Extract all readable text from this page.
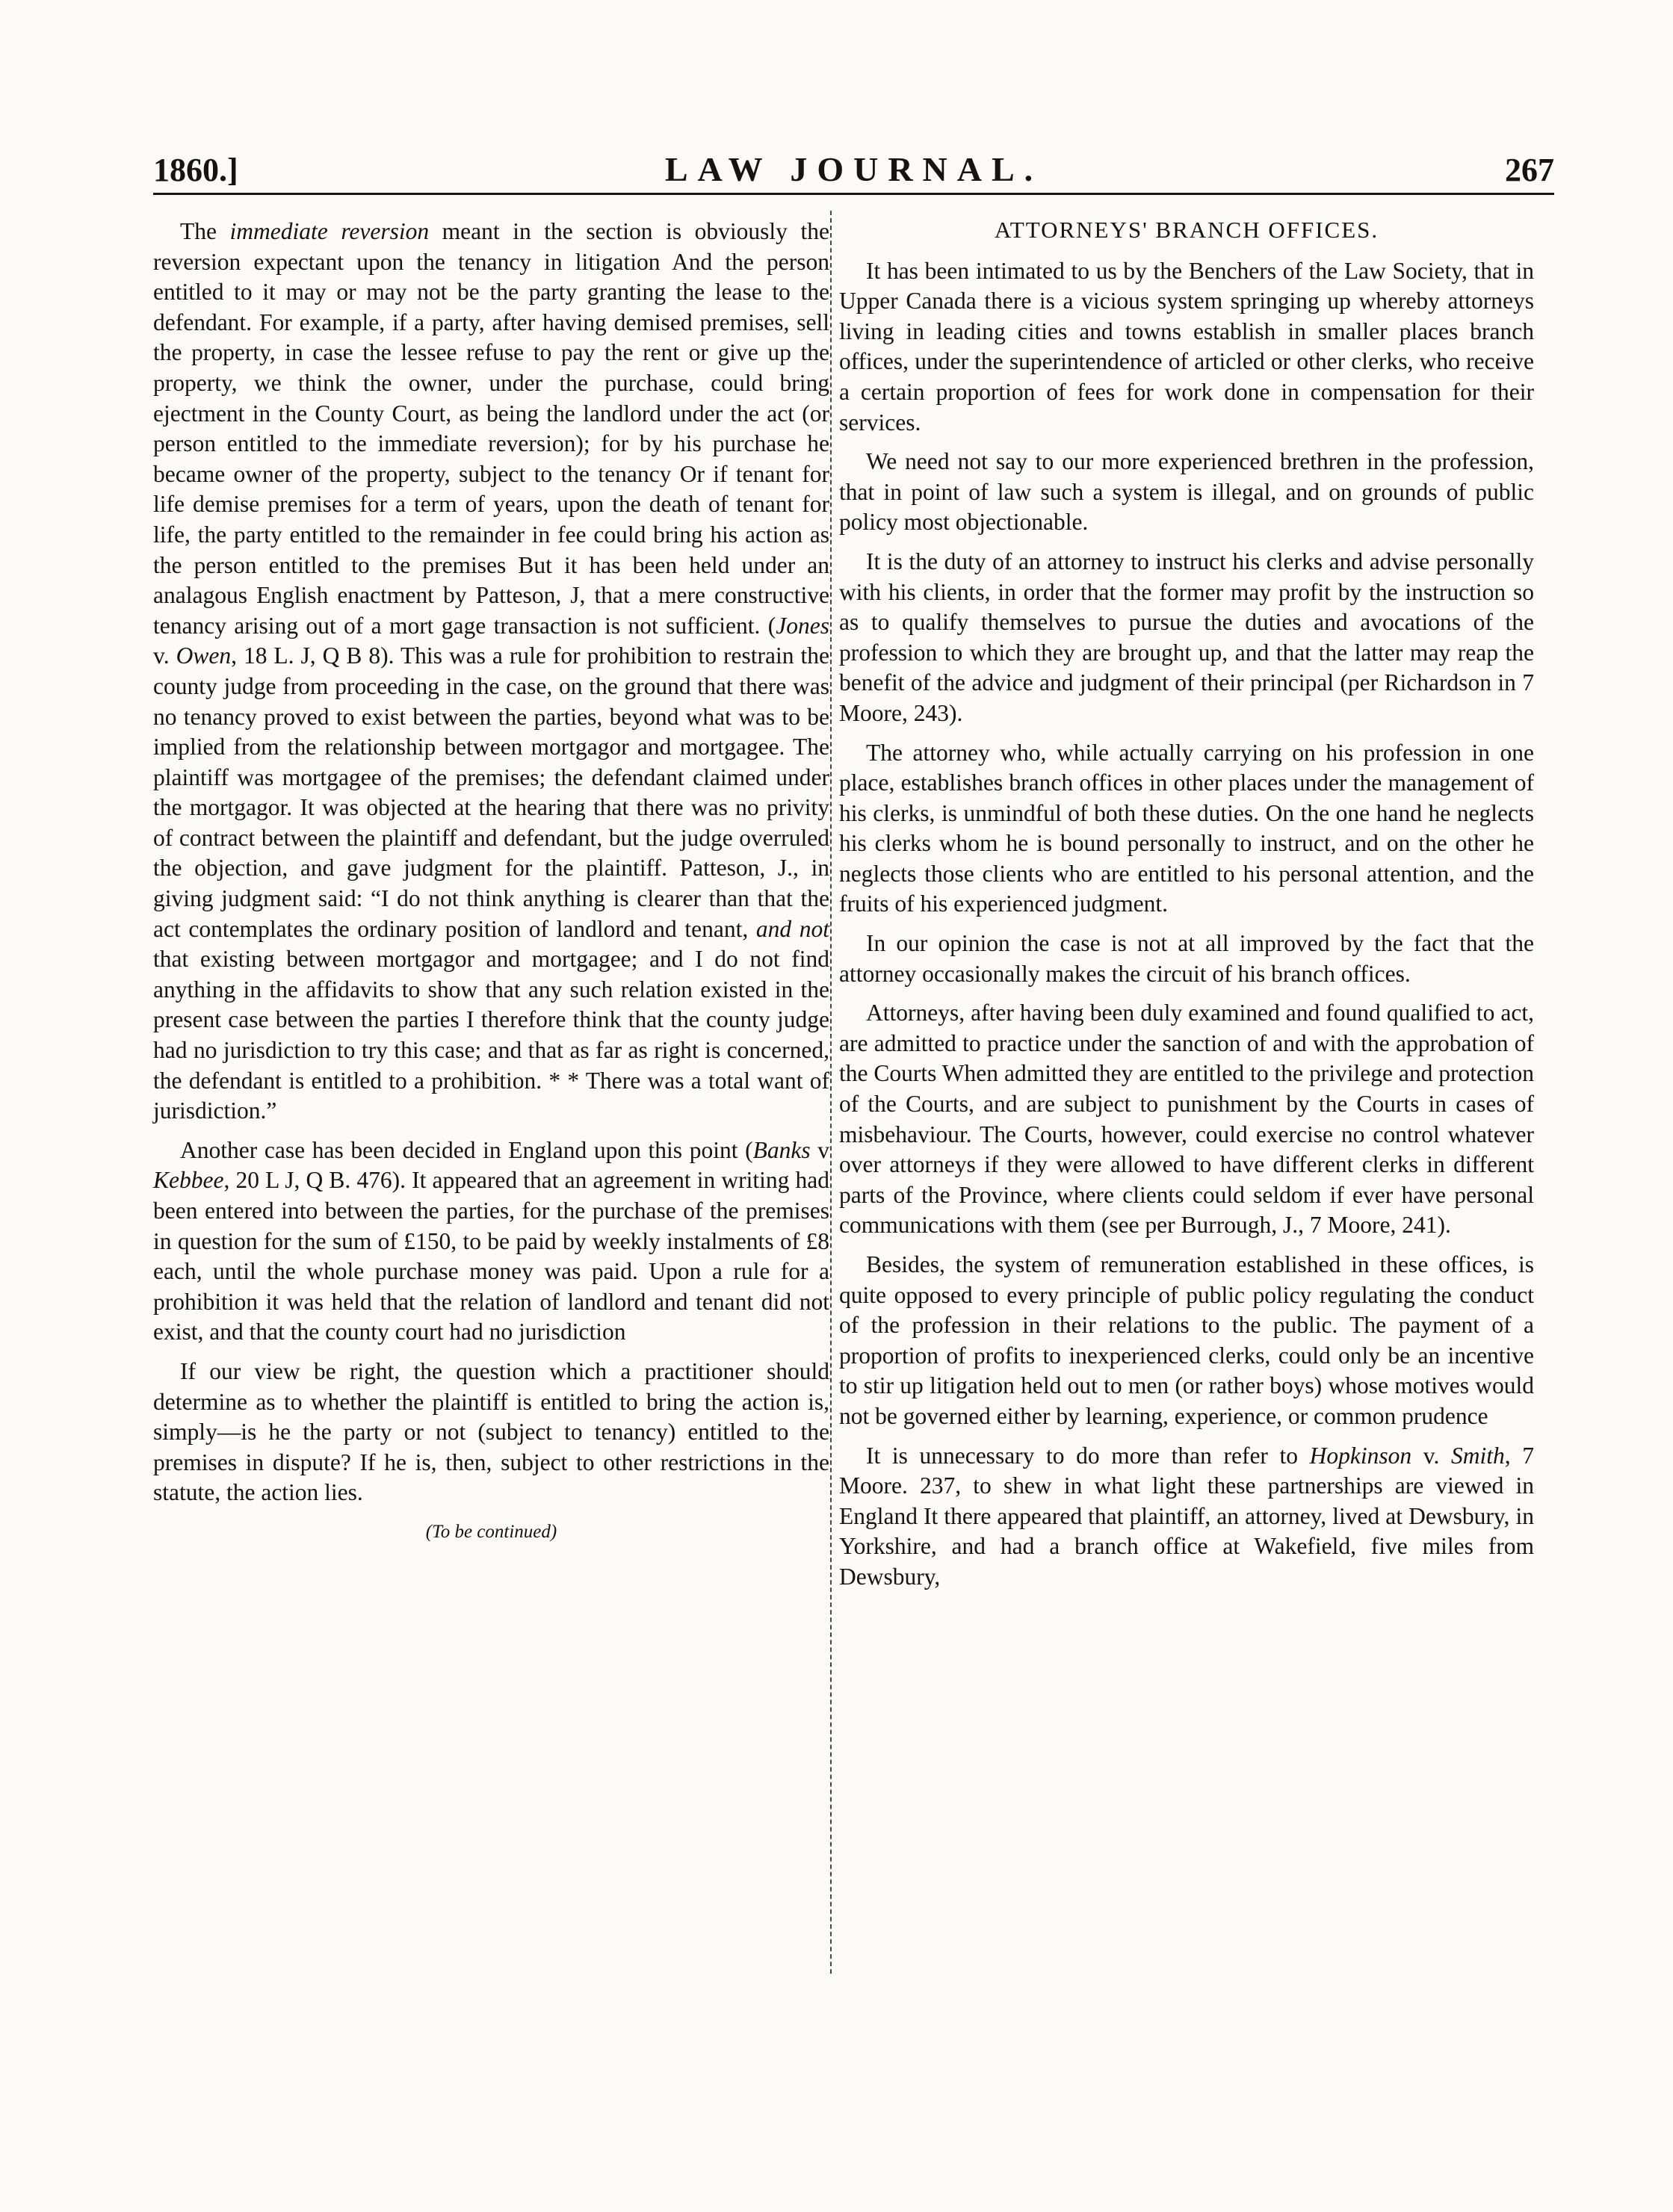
1860.]	LAW JOURNAL.	267

The immediate reversion meant in the section is obviously the reversion expectant upon the tenancy in litigation And the person entitled to it may or may not be the party granting the lease to the defendant. For example, if a party, after having demised premises, sell the property, in case the lessee refuse to pay the rent or give up the property, we think the owner, under the purchase, could bring ejectment in the County Court, as being the landlord under the act (or person entitled to the immediate reversion); for by his purchase he became owner of the property, subject to the tenancy Or if tenant for life demise premises for a term of years, upon the death of tenant for life, the party entitled to the remainder in fee could bring his action as the person entitled to the premises But it has been held under an analagous English enactment by Patteson, J, that a mere constructive tenancy arising out of a mort gage transaction is not sufficient. (Jones v. Owen, 18 L. J, Q B 8). This was a rule for prohibition to restrain the county judge from proceeding in the case, on the ground that there was no tenancy proved to exist between the parties, beyond what was to be implied from the relationship between mortgagor and mortgagee. The plaintiff was mortgagee of the premises; the defendant claimed under the mortgagor. It was objected at the hearing that there was no privity of contract between the plaintiff and defendant, but the judge overruled the objection, and gave judgment for the plaintiff. Patteson, J., in giving judgment said: “I do not think anything is clearer than that the act contemplates the ordinary position of landlord and tenant, and not that existing between mortgagor and mortgagee; and I do not find anything in the affidavits to show that any such relation existed in the present case between the parties I therefore think that the county judge had no jurisdiction to try this case; and that as far as right is concerned, the defendant is entitled to a prohibition. * * There was a total want of jurisdiction.”

Another case has been decided in England upon this point (Banks v Kebbee, 20 L J, Q B. 476). It appeared that an agreement in writing had been entered into between the parties, for the purchase of the premises in question for the sum of £150, to be paid by weekly instalments of £8 each, until the whole purchase money was paid. Upon a rule for a prohibition it was held that the relation of landlord and tenant did not exist, and that the county court had no jurisdiction

If our view be right, the question which a practitioner should determine as to whether the plaintiff is entitled to bring the action is, simply—is he the party or not (subject to tenancy) entitled to the premises in dispute? If he is, then, subject to other restrictions in the statute, the action lies.

(To be continued)
ATTORNEYS' BRANCH OFFICES.

It has been intimated to us by the Benchers of the Law Society, that in Upper Canada there is a vicious system springing up whereby attorneys living in leading cities and towns establish in smaller places branch offices, under the superintendence of articled or other clerks, who receive a certain proportion of fees for work done in compensation for their services.

We need not say to our more experienced brethren in the profession, that in point of law such a system is illegal, and on grounds of public policy most objectionable.

It is the duty of an attorney to instruct his clerks and advise personally with his clients, in order that the former may profit by the instruction so as to qualify themselves to pursue the duties and avocations of the profession to which they are brought up, and that the latter may reap the benefit of the advice and judgment of their principal (per Richardson in 7 Moore, 243).

The attorney who, while actually carrying on his profession in one place, establishes branch offices in other places under the management of his clerks, is unmindful of both these duties. On the one hand he neglects his clerks whom he is bound personally to instruct, and on the other he neglects those clients who are entitled to his personal attention, and the fruits of his experienced judgment.

In our opinion the case is not at all improved by the fact that the attorney occasionally makes the circuit of his branch offices.

Attorneys, after having been duly examined and found qualified to act, are admitted to practice under the sanction of and with the approbation of the Courts When admitted they are entitled to the privilege and protection of the Courts, and are subject to punishment by the Courts in cases of misbehaviour. The Courts, however, could exercise no control whatever over attorneys if they were allowed to have different clerks in different parts of the Province, where clients could seldom if ever have personal communications with them (see per Burrough, J., 7 Moore, 241).

Besides, the system of remuneration established in these offices, is quite opposed to every principle of public policy regulating the conduct of the profession in their relations to the public. The payment of a proportion of profits to inexperienced clerks, could only be an incentive to stir up litigation held out to men (or rather boys) whose motives would not be governed either by learning, experience, or common prudence

It is unnecessary to do more than refer to Hopkinson v. Smith, 7 Moore. 237, to shew in what light these partnerships are viewed in England It there appeared that plaintiff, an attorney, lived at Dewsbury, in Yorkshire, and had a branch office at Wakefield, five miles from Dewsbury,
